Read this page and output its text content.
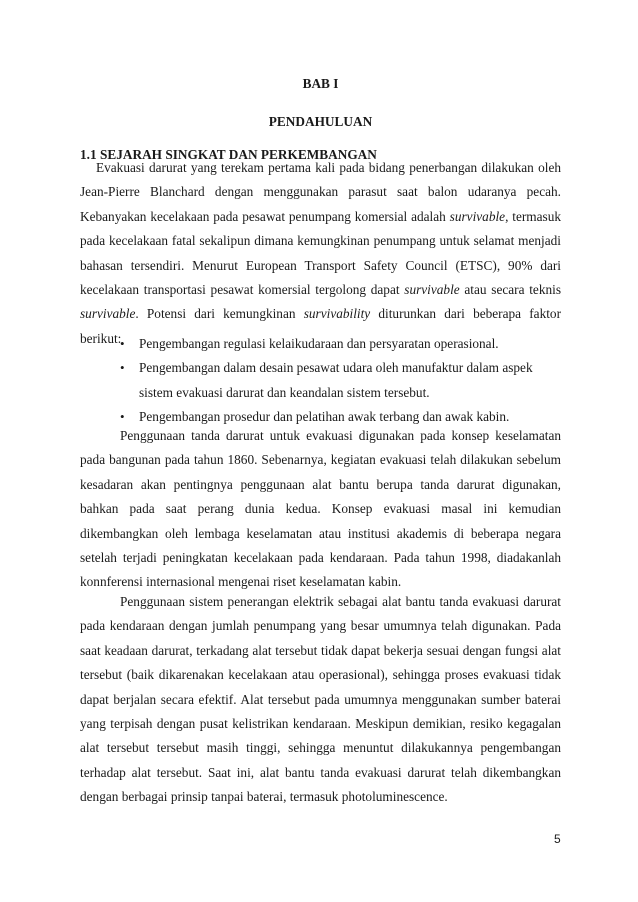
BAB I
PENDAHULUAN
1.1 SEJARAH SINGKAT DAN PERKEMBANGAN

Evakuasi darurat yang terekam pertama kali pada bidang penerbangan dilakukan oleh Jean-Pierre Blanchard dengan menggunakan parasut saat balon udaranya pecah. Kebanyakan kecelakaan pada pesawat penumpang komersial adalah survivable, termasuk pada kecelakaan fatal sekalipun dimana kemungkinan penumpang untuk selamat menjadi bahasan tersendiri. Menurut European Transport Safety Council (ETSC), 90% dari kecelakaan transportasi pesawat komersial tergolong dapat survivable atau secara teknis survivable. Potensi dari kemungkinan survivability diturunkan dari beberapa faktor berikut:

• Pengembangan regulasi kelaikudaraan dan persyaratan operasional.
• Pengembangan dalam desain pesawat udara oleh manufaktur dalam aspek sistem evakuasi darurat dan keandalan sistem tersebut.
• Pengembangan prosedur dan pelatihan awak terbang dan awak kabin.

Penggunaan tanda darurat untuk evakuasi digunakan pada konsep keselamatan pada bangunan pada tahun 1860. Sebenarnya, kegiatan evakuasi telah dilakukan sebelum kesadaran akan pentingnya penggunaan alat bantu berupa tanda darurat digunakan, bahkan pada saat perang dunia kedua. Konsep evakuasi masal ini kemudian dikembangkan oleh lembaga keselamatan atau institusi akademis di beberapa negara setelah terjadi peningkatan kecelakaan pada kendaraan. Pada tahun 1998, diadakanlah konnferensi internasional mengenai riset keselamatan kabin.

Penggunaan sistem penerangan elektrik sebagai alat bantu tanda evakuasi darurat pada kendaraan dengan jumlah penumpang yang besar umumnya telah digunakan. Pada saat keadaan darurat, terkadang alat tersebut tidak dapat bekerja sesuai dengan fungsi alat tersebut (baik dikarenakan kecelakaan atau operasional), sehingga proses evakuasi tidak dapat berjalan secara efektif. Alat tersebut pada umumnya menggunakan sumber baterai yang terpisah dengan pusat kelistrikan kendaraan. Meskipun demikian, resiko kegagalan alat tersebut tersebut masih tinggi, sehingga menuntut dilakukannya pengembangan terhadap alat tersebut. Saat ini, alat bantu tanda evakuasi darurat telah dikembangkan dengan berbagai prinsip tanpai baterai, termasuk photoluminescence.

5
